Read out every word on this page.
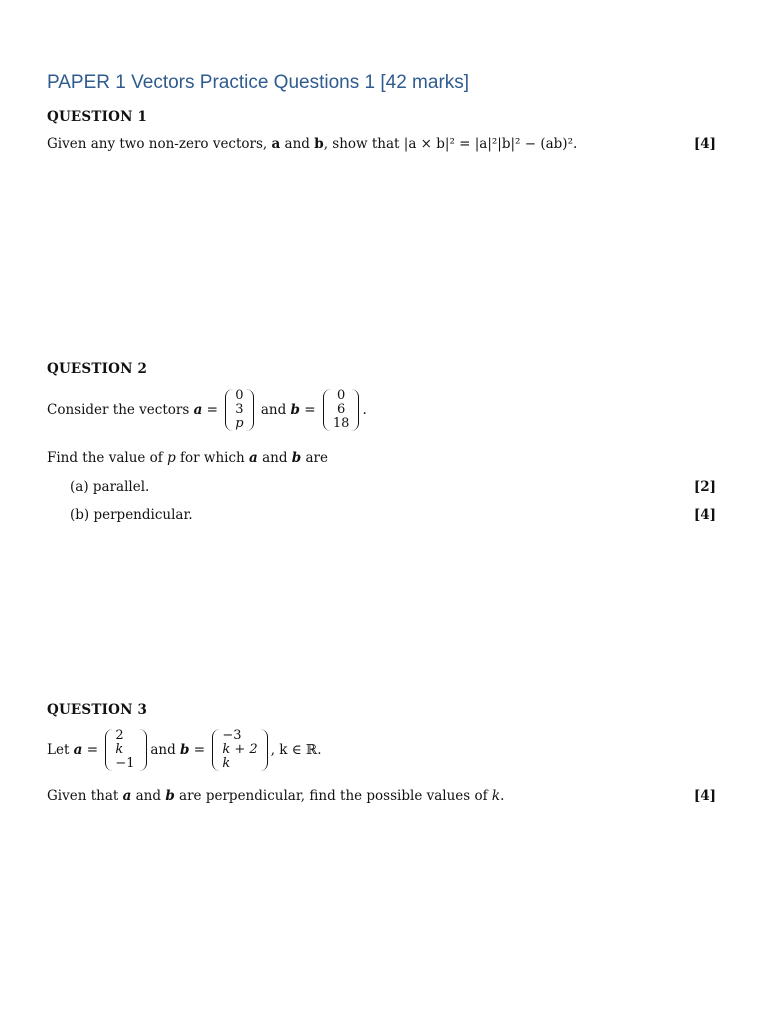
PAPER 1 Vectors Practice Questions 1 [42 marks]
QUESTION 1
Given any two non-zero vectors, a and b , show that |a × b|² = |a|²|b|² − (ab)².	[4]
QUESTION 2
Consider the vectors a =
0
3
p
and b =
0
6
18
.
Find the value of p for which a and b are
(a) parallel.	[2]
(b) perpendicular.	[4]
QUESTION 3
Let a =
2
k
−1
and b =
−3
k + 2
k
, k ∈ ℝ.
Given that a and b are perpendicular, find the possible values of k .	[4]
